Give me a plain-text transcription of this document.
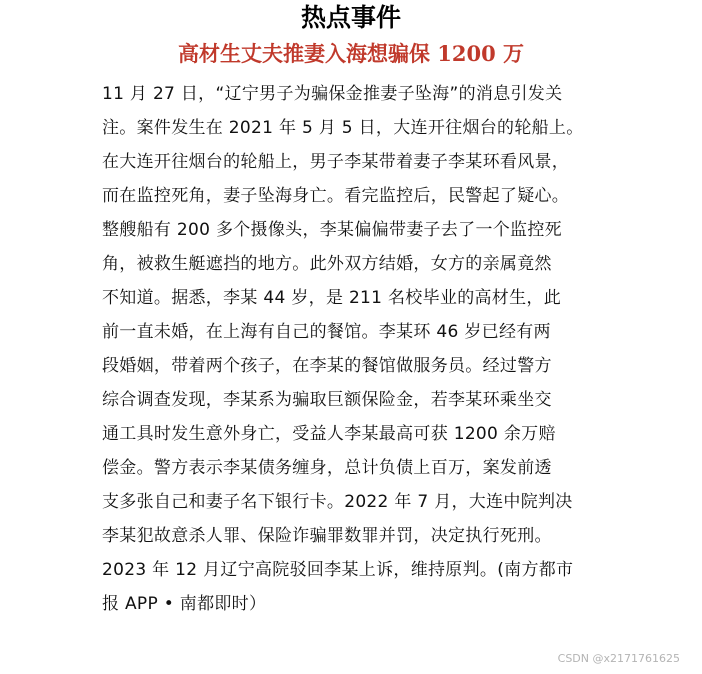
热点事件
高材生丈夫推妻入海想骗保 1200 万
11 月 27 日，“辽宁男子为骗保金推妻子坠海”的消息引发关
注。案件发生在 2021 年 5 月 5 日，大连开往烟台的轮船上。
在大连开往烟台的轮船上，男子李某带着妻子李某环看风景，
而在监控死角，妻子坠海身亡。看完监控后，民警起了疑心。
整艘船有 200 多个摄像头，李某偏偏带妻子去了一个监控死
角，被救生艇遮挡的地方。此外双方结婚，女方的亲属竟然
不知道。据悉，李某 44 岁，是 211 名校毕业的高材生，此
前一直未婚，在上海有自己的餐馆。李某环 46 岁已经有两
段婚姻，带着两个孩子，在李某的餐馆做服务员。经过警方
综合调查发现，李某系为骗取巨额保险金，若李某环乘坐交
通工具时发生意外身亡，受益人李某最高可获 1200 余万赔
偿金。警方表示李某债务缠身，总计负债上百万，案发前透
支多张自己和妻子名下银行卡。2022 年 7 月，大连中院判决
李某犯故意杀人罪、保险诈骗罪数罪并罚，决定执行死刑。
2023 年 12 月辽宁高院驳回李某上诉，维持原判。(南方都市
报 APP • 南都即时）
CSDN @x2171761625
